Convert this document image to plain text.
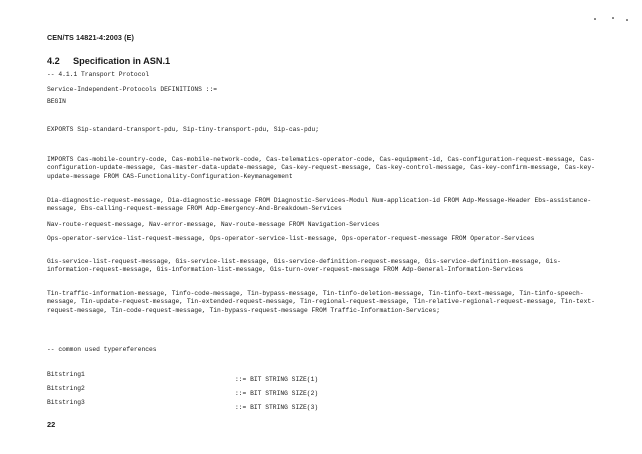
CEN/TS 14821-4:2003 (E)
4.2 Specification in ASN.1
-- 4.1.1 Transport Protocol
Service-Independent-Protocols DEFINITIONS ::=
BEGIN
EXPORTS Sip-standard-transport-pdu, Sip-tiny-transport-pdu, Sip-cas-pdu;
IMPORTS Cas-mobile-country-code, Cas-mobile-network-code, Cas-telematics-operator-code, Cas-equipment-id, Cas-configuration-request-message, Cas-configuration-update-message, Cas-master-data-update-message, Cas-key-request-message, Cas-key-control-message, Cas-key-confirm-message, Cas-key-update-message FROM CAS-Functionality-Configuration-Keymanagement
Dia-diagnostic-request-message, Dia-diagnostic-message FROM Diagnostic-Services-Modul Num-application-id FROM Adp-Message-Header Ebs-assistance-message, Ebs-calling-request-message FROM Adp-Emergency-And-Breakdown-Services
Nav-route-request-message, Nav-error-message, Nav-route-message FROM Navigation-Services
Ops-operator-service-list-request-message, Ops-operator-service-list-message, Ops-operator-request-message FROM Operator-Services
Gis-service-list-request-message, Gis-service-list-message, Gis-service-definition-request-message, Gis-service-definition-message, Gis-information-request-message, Gis-information-list-message, Gis-turn-over-request-message FROM Adp-General-Information-Services
Tin-traffic-information-message, Tinfo-code-message, Tin-bypass-message, Tin-tinfo-deletion-message, Tin-tinfo-text-message, Tin-tinfo-speech-message, Tin-update-request-message, Tin-extended-request-message, Tin-regional-request-message, Tin-relative-regional-request-message, Tin-text-request-message, Tin-code-request-message, Tin-bypass-request-message FROM Traffic-Information-Services;
-- common used typereferences
Bitstring1
::= BIT STRING SIZE(1)
Bitstring2
::= BIT STRING SIZE(2)
Bitstring3
::= BIT STRING SIZE(3)
22
